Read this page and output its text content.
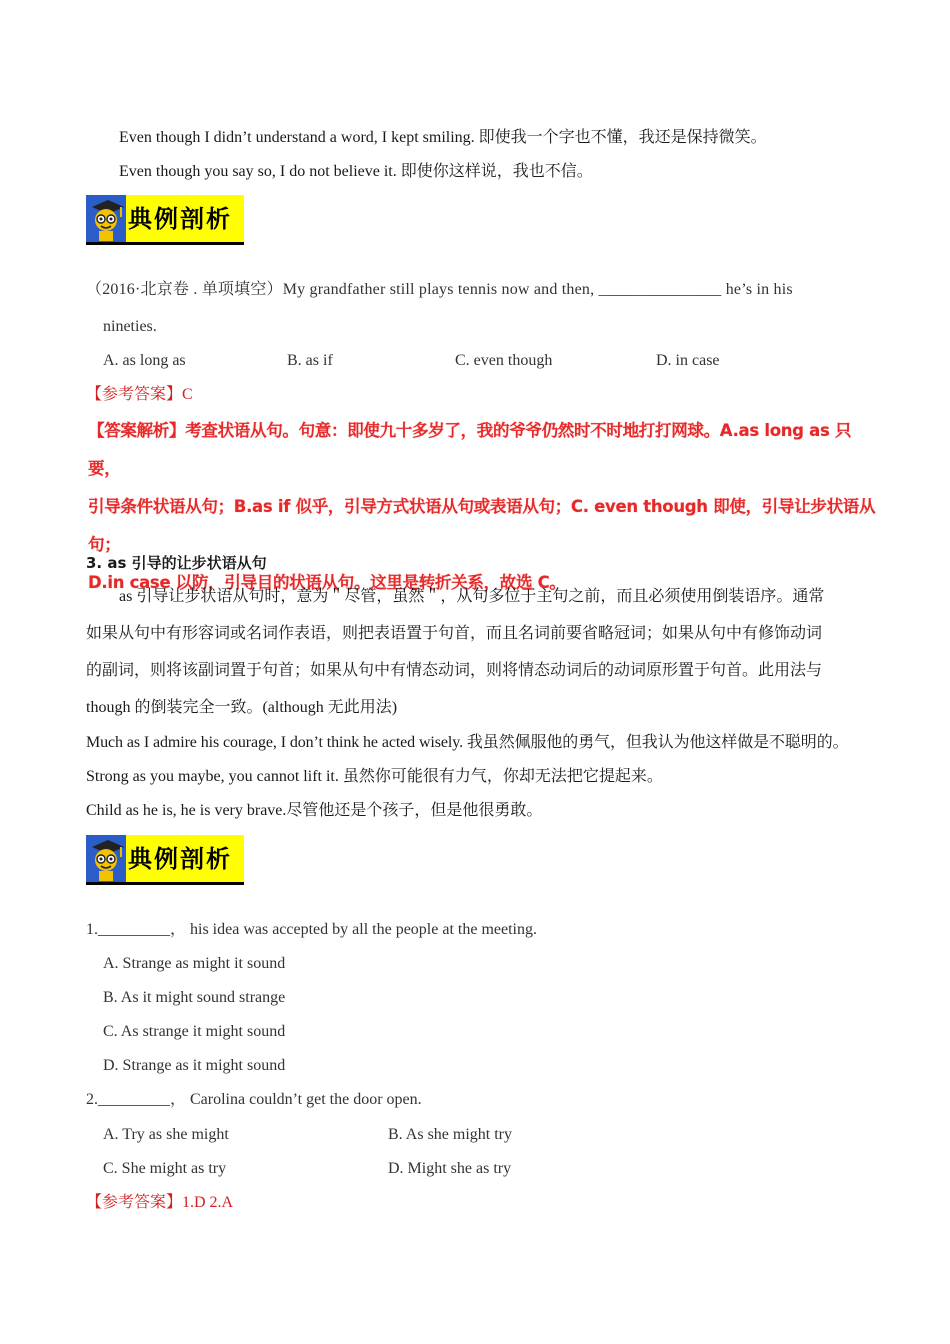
Even though I didn’t understand a word, I kept smiling. 即使我一个字也不懂，我还是保持微笑。
Even though you say so, I do not believe it. 即使你这样说，我也不信。
典例剖析
（2016·北京卷 . 单项填空）My grandfather still plays tennis now and then, _______________ he’s in his
nineties.
A. as long as	B. as if	C. even though	D. in case
【参考答案】C
【答案解析】考查状语从句。句意：即使九十多岁了，我的爷爷仍然时不时地打打网球。A.as long as 只要，
引导条件状语从句；B.as if 似乎，引导方式状语从句或表语从句；C. even though 即使，引导让步状语从句；
D.in case 以防，引导目的状语从句。这里是转折关系，故选 C。
3. as 引导的让步状语从句
as 引导让步状语从句时，意为＂尽管，虽然＂，从句多位于主句之前，而且必须使用倒装语序。通常
如果从句中有形容词或名词作表语，则把表语置于句首，而且名词前要省略冠词；如果从句中有修饰动词
的副词，则将该副词置于句首；如果从句中有情态动词，则将情态动词后的动词原形置于句首。此用法与
though 的倒装完全一致。(although 无此用法)
Much as I admire his courage, I don’t think he acted wisely. 我虽然佩服他的勇气，但我认为他这样做是不聪明的。
Strong as you maybe, you cannot lift it. 虽然你可能很有力气，你却无法把它提起来。
Child as he is, he is very brave.尽管他还是个孩子，但是他很勇敢。
典例剖析
1._________， his idea was accepted by all the people at the meeting.
A. Strange as might it sound
B. As it might sound strange
C. As strange it might sound
D. Strange as it might sound
2._________， Carolina couldn’t get the door open.
A. Try as she might	B. As she might try
C. She might as try	D. Might she as try
【参考答案】1.D 2.A
